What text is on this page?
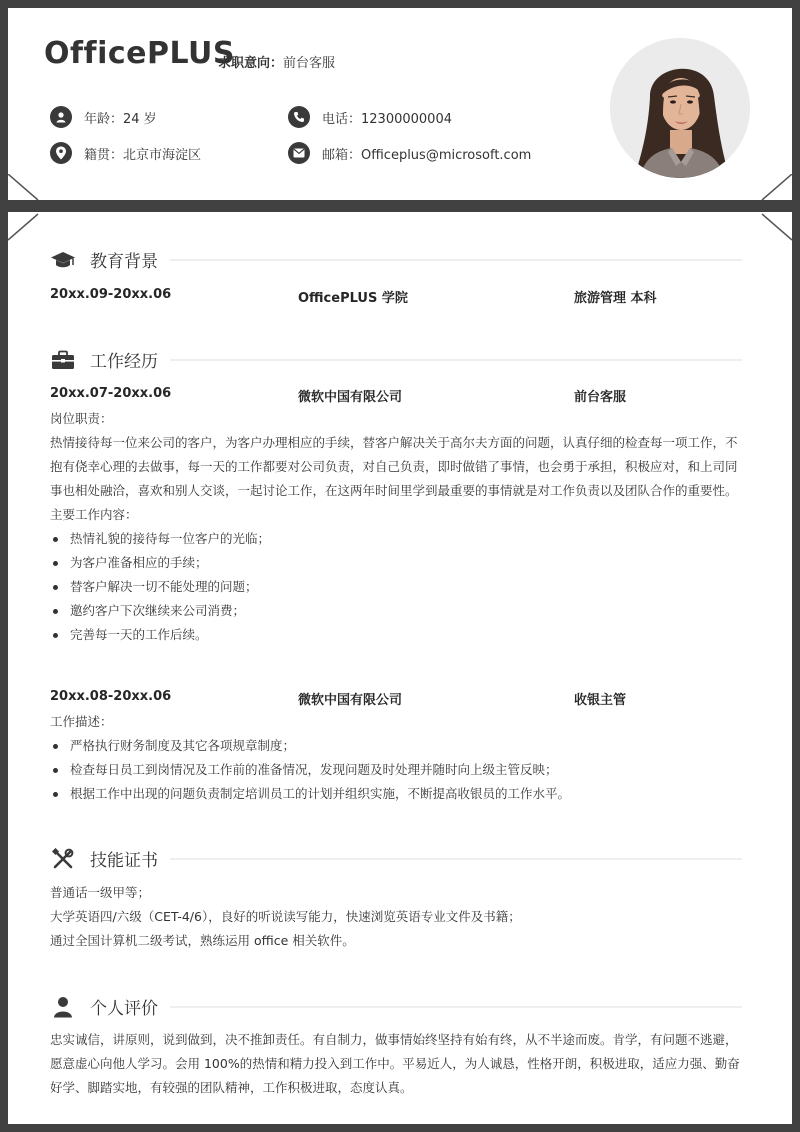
OfficePLUS
求职意向：前台客服
年龄：24 岁
籍贯：北京市海淀区
电话：12300000004
邮箱：Officeplus@microsoft.com
教育背景
20xx.09-20xx.06	OfficePLUS 学院	旅游管理 本科
工作经历
20xx.07-20xx.06	微软中国有限公司	前台客服
岗位职责：
热情接待每一位来公司的客户，为客户办理相应的手续，替客户解决关于高尔夫方面的问题，认真仔细的检查每一项工作，不抱有侥幸心理的去做事，每一天的工作都要对公司负责，对自己负责，即时做错了事情，也会勇于承担，积极应对，和上司同事也相处融洽，喜欢和别人交谈，一起讨论工作，在这两年时间里学到最重要的事情就是对工作负责以及团队合作的重要性。
主要工作内容：
热情礼貌的接待每一位客户的光临；
为客户准备相应的手续；
替客户解决一切不能处理的问题；
邀约客户下次继续来公司消费；
完善每一天的工作后续。
20xx.08-20xx.06	微软中国有限公司	收银主管
工作描述：
严格执行财务制度及其它各项规章制度；
检查每日员工到岗情况及工作前的准备情况，发现问题及时处理并随时向上级主管反映；
根据工作中出现的问题负责制定培训员工的计划并组织实施，不断提高收银员的工作水平。
技能证书
普通话一级甲等；
大学英语四/六级（CET-4/6），良好的听说读写能力，快速浏览英语专业文件及书籍；
通过全国计算机二级考试，熟练运用 office 相关软件。
个人评价
忠实诚信，讲原则，说到做到，决不推卸责任。有自制力，做事情始终坚持有始有终，从不半途而废。肯学，有问题不逃避，愿意虚心向他人学习。会用 100%的热情和精力投入到工作中。平易近人，为人诚恳，性格开朗，积极进取，适应力强、勤奋好学、脚踏实地，有较强的团队精神，工作积极进取，态度认真。
